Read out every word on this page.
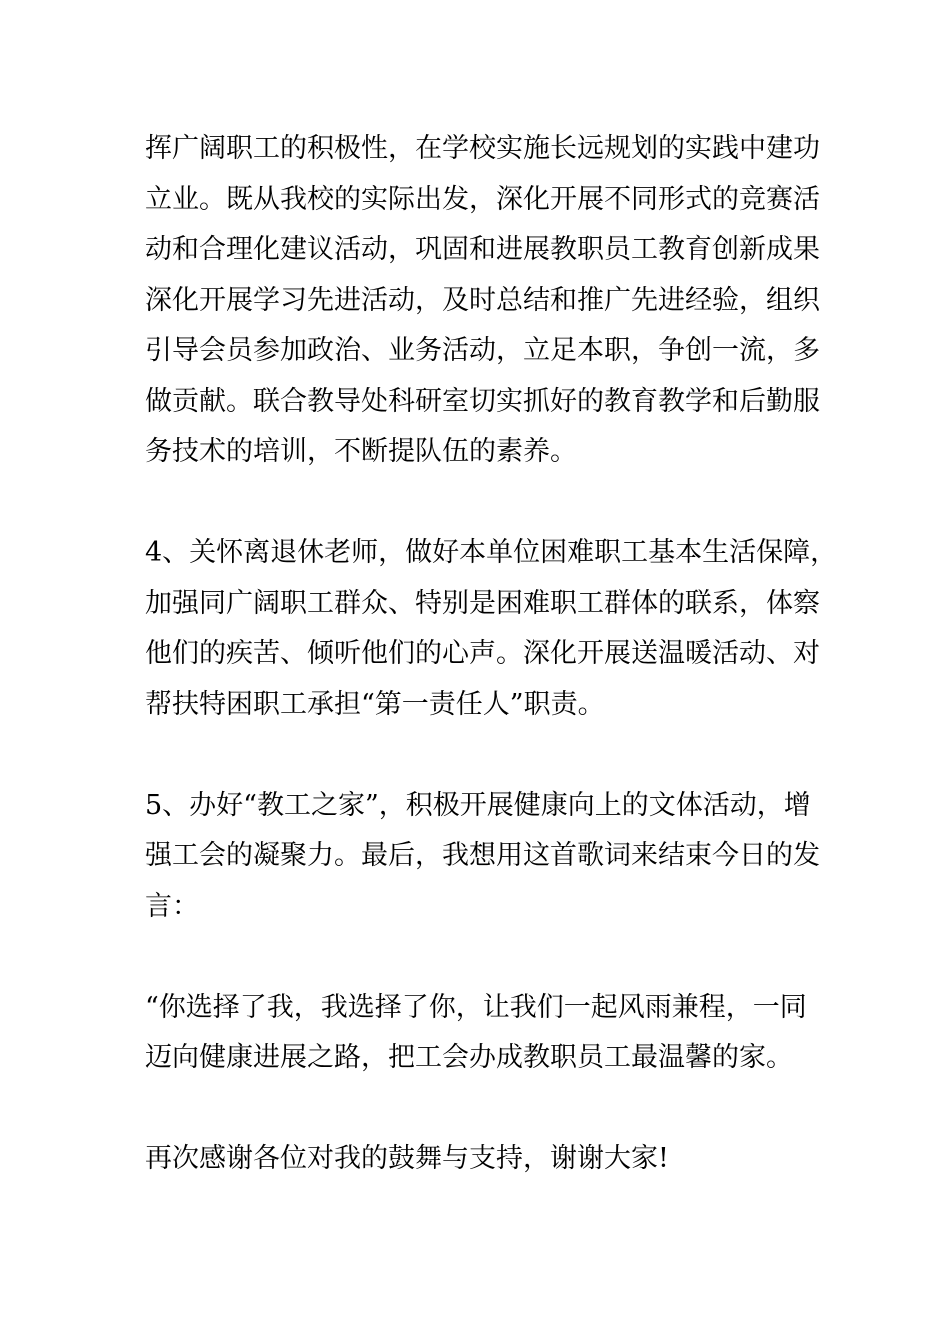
挥广阔职工的积极性，在学校实施长远规划的实践中建功
立业。既从我校的实际出发，深化开展不同形式的竞赛活
动和合理化建议活动，巩固和进展教职员工教育创新成果
深化开展学习先进活动，及时总结和推广先进经验，组织
引导会员参加政治、业务活动，立足本职，争创一流，多
做贡献。联合教导处科研室切实抓好的教育教学和后勤服
务技术的培训，不断提队伍的素养。
4、关怀离退休老师，做好本单位困难职工基本生活保障，
加强同广阔职工群众、特别是困难职工群体的联系，体察
他们的疾苦、倾听他们的心声。深化开展送温暖活动、对
帮扶特困职工承担“第一责任人”职责。
5、办好“教工之家”，积极开展健康向上的文体活动，增
强工会的凝聚力。最后，我想用这首歌词来结束今日的发
言：
“你选择了我，我选择了你，让我们一起风雨兼程，一同
迈向健康进展之路，把工会办成教职员工最温馨的家。
再次感谢各位对我的鼓舞与支持，谢谢大家!
